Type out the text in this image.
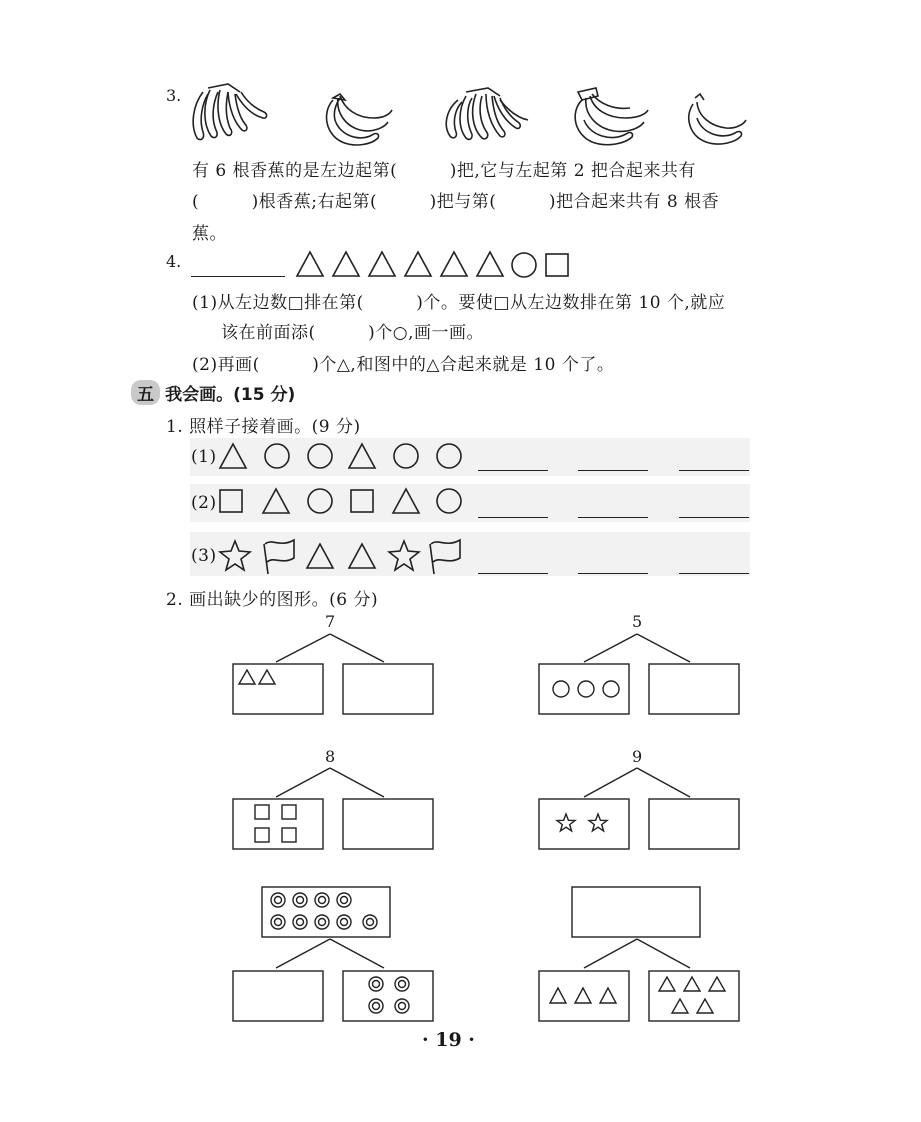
3.
有 6 根香蕉的是左边起第(　　　)把,它与左起第 2 把合起来共有
(　　　)根香蕉;右起第(　　　)把与第(　　　)把合起来共有 8 根香
蕉。
4.
(1)从左边数□排在第(　　　)个。要使□从左边数排在第 10 个,就应
该在前面添(　　　)个○,画一画。
(2)再画(　　　)个△,和图中的△合起来就是 10 个了。
五 我会画。(15 分)
1. 照样子接着画。(9 分)
(1)
(2)
(3)
2. 画出缺少的图形。(6 分)
7	5
8	9
· 19 ·
